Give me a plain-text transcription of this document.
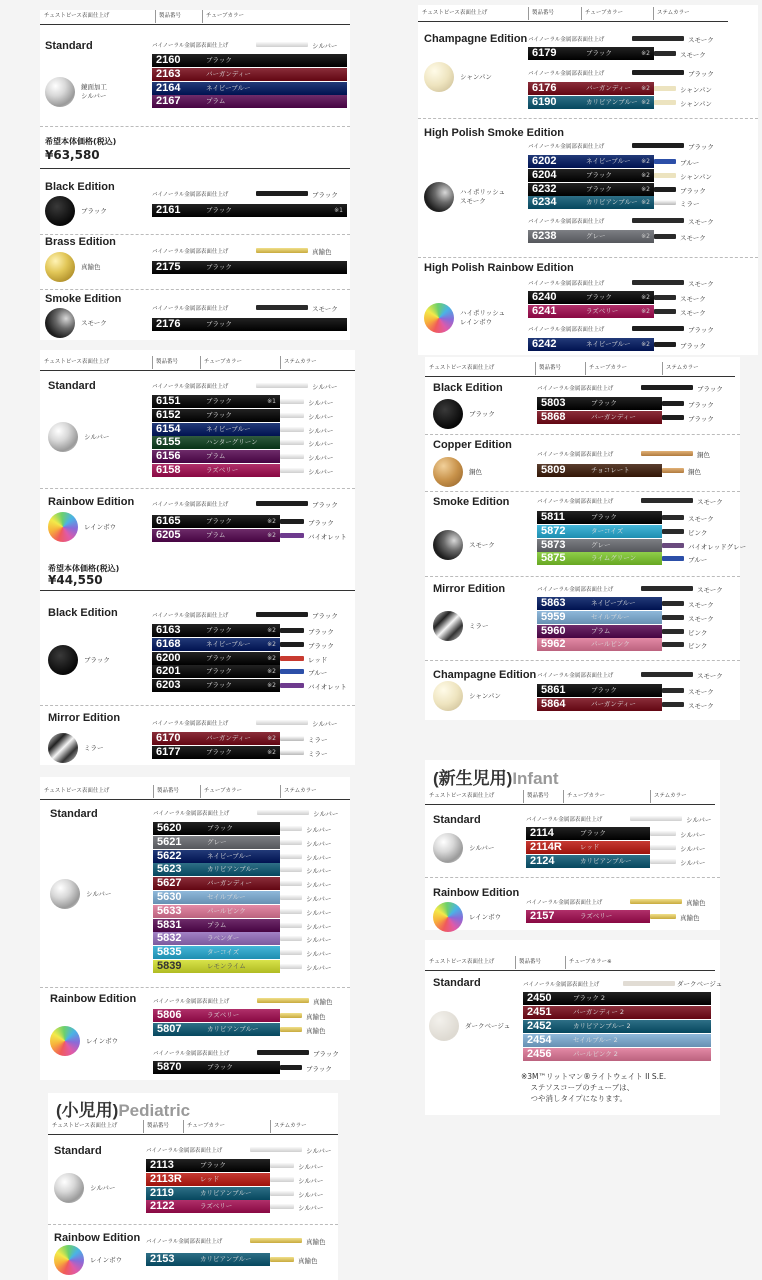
チェストピース表面仕上げ	製品番号	チューブカラー
Standard
鏡面加工
シルバー
バイノーラル金属部表面仕上げ	シルバー
2160	ブラック
2163	バーガンディー
2164	ネイビーブルー
2167	プラム
希望本体価格(税込)
¥63,580
Black Edition
ブラック
バイノーラル金属部表面仕上げ	ブラック
2161	ブラック	※1
Brass Edition
真鍮色
バイノーラル金属部表面仕上げ	真鍮色
2175	ブラック
Smoke Edition
スモーク
バイノーラル金属部表面仕上げ	スモーク
2176	ブラック
チェストピース表面仕上げ	製品番号	チューブカラー	ステムカラー
Standard
シルバー
バイノーラル金属部表面仕上げ	シルバー
6151	ブラック	※1	シルバー
6152	ブラック	シルバー
6154	ネイビーブルー	シルバー
6155	ハンターグリーン	シルバー
6156	プラム	シルバー
6158	ラズベリー	シルバー
Rainbow Edition
レインボウ
バイノーラル金属部表面仕上げ	ブラック
6165	ブラック	※2	ブラック
6205	プラム	※2	バイオレット
希望本体価格(税込)
¥44,550
Black Edition
ブラック
バイノーラル金属部表面仕上げ	ブラック
6163	ブラック	※2	ブラック
6168	ネイビーブルー	※2	ブラック
6200	ブラック	※2	レッド
6201	ブラック	※2	ブルー
6203	ブラック	※2	バイオレット
Mirror Edition
ミラー
バイノーラル金属部表面仕上げ	シルバー
6170	バーガンディー	※2	ミラー
6177	ブラック	※2	ミラー
チェストピース表面仕上げ	製品番号	チューブカラー	ステムカラー
Standard
シルバー
バイノーラル金属部表面仕上げ	シルバー
5620	ブラック	シルバー
5621	グレー	シルバー
5622	ネイビーブルー	シルバー
5623	カリビアンブルー	シルバー
5627	バーガンディー	シルバー
5630	セイルブルー	シルバー
5633	パールピンク	シルバー
5831	プラム	シルバー
5832	ラベンダー	シルバー
5835	ターコイズ	シルバー
5839	レモンライム	シルバー
Rainbow Edition
レインボウ
バイノーラル金属部表面仕上げ	真鍮色
5806	ラズベリー	真鍮色
5807	カリビアンブルー	真鍮色
バイノーラル金属部表面仕上げ	ブラック
5870	ブラック	ブラック
(小児用)Pediatric
チェストピース表面仕上げ	製品番号	チューブカラー	ステムカラー
Standard
シルバー
バイノーラル金属部表面仕上げ	シルバー
2113	ブラック	シルバー
2113R	レッド	シルバー
2119	カリビアンブルー	シルバー
2122	ラズベリー	シルバー
Rainbow Edition
レインボウ
バイノーラル金属部表面仕上げ	真鍮色
2153	カリビアンブルー	真鍮色
チェストピース表面仕上げ	製品番号	チューブカラー	ステムカラー
Champagne Edition
シャンパン
バイノーラル金属部表面仕上げ	スモーク
6179	ブラック	※2	スモーク
バイノーラル金属部表面仕上げ	ブラック
6176	バーガンディー ※2	シャンパン
6190	カリビアンブルー ※2	シャンパン
High Polish Smoke Edition
ハイポリッシュ
スモーク
バイノーラル金属部表面仕上げ	ブラック
6202	ネイビーブルー ※2	ブルー
6204	ブラック	※2	シャンパン
6232	ブラック	※2	ブラック
6234	カリビアンブルー ※2	ミラー
バイノーラル金属部表面仕上げ	スモーク
6238	グレー	※2	スモーク
High Polish Rainbow Edition
ハイポリッシュ
レインボウ
バイノーラル金属部表面仕上げ	スモーク
6240	ブラック	※2	スモーク
6241	ラズベリー	※2	スモーク
バイノーラル金属部表面仕上げ	ブラック
6242	ネイビーブルー ※2	ブラック
チェストピース表面仕上げ	製品番号	チューブカラー	ステムカラー
Black Edition
ブラック
バイノーラル金属部表面仕上げ	ブラック
5803	ブラック	ブラック
5868	バーガンディー	ブラック
Copper Edition
銅色
バイノーラル金属部表面仕上げ	銅色
5809	チョコレート	銅色
Smoke Edition
スモーク
バイノーラル金属部表面仕上げ	スモーク
5811	ブラック	スモーク
5872	ターコイズ	ピンク
5873	グレー	バイオレッドグレー
5875	ライムグリーン	ブルー
Mirror Edition
ミラー
バイノーラル金属部表面仕上げ	スモーク
5863	ネイビーブルー	スモーク
5959	セイルブルー	スモーク
5960	プラム	ピンク
5962	パールピンク	ピンク
Champagne Edition
シャンパン
バイノーラル金属部表面仕上げ	スモーク
5861	ブラック	スモーク
5864	バーガンディー	スモーク
(新生児用)Infant
チェストピース表面仕上げ	製品番号	チューブカラー	ステムカラー
Standard
シルバー
バイノーラル金属部表面仕上げ	シルバー
2114	ブラック	シルバー
2114R	レッド	シルバー
2124	カリビアンブルー	シルバー
Rainbow Edition
レインボウ
バイノーラル金属部表面仕上げ	真鍮色
2157	ラズベリー	真鍮色
チェストピース表面仕上げ	製品番号	チューブカラー※
Standard
ダークベージュ
バイノーラル金属部表面仕上げ	ダークベージュ
2450	ブラック 2
2451	バーガンディー 2
2452	カリビアンブルー 2
2454	セイルブルー 2
2456	パールピンク 2
※3M™リットマン®ライトウェイト II S.E.
ステソスコープのチューブは、
つや消しタイプになります。
